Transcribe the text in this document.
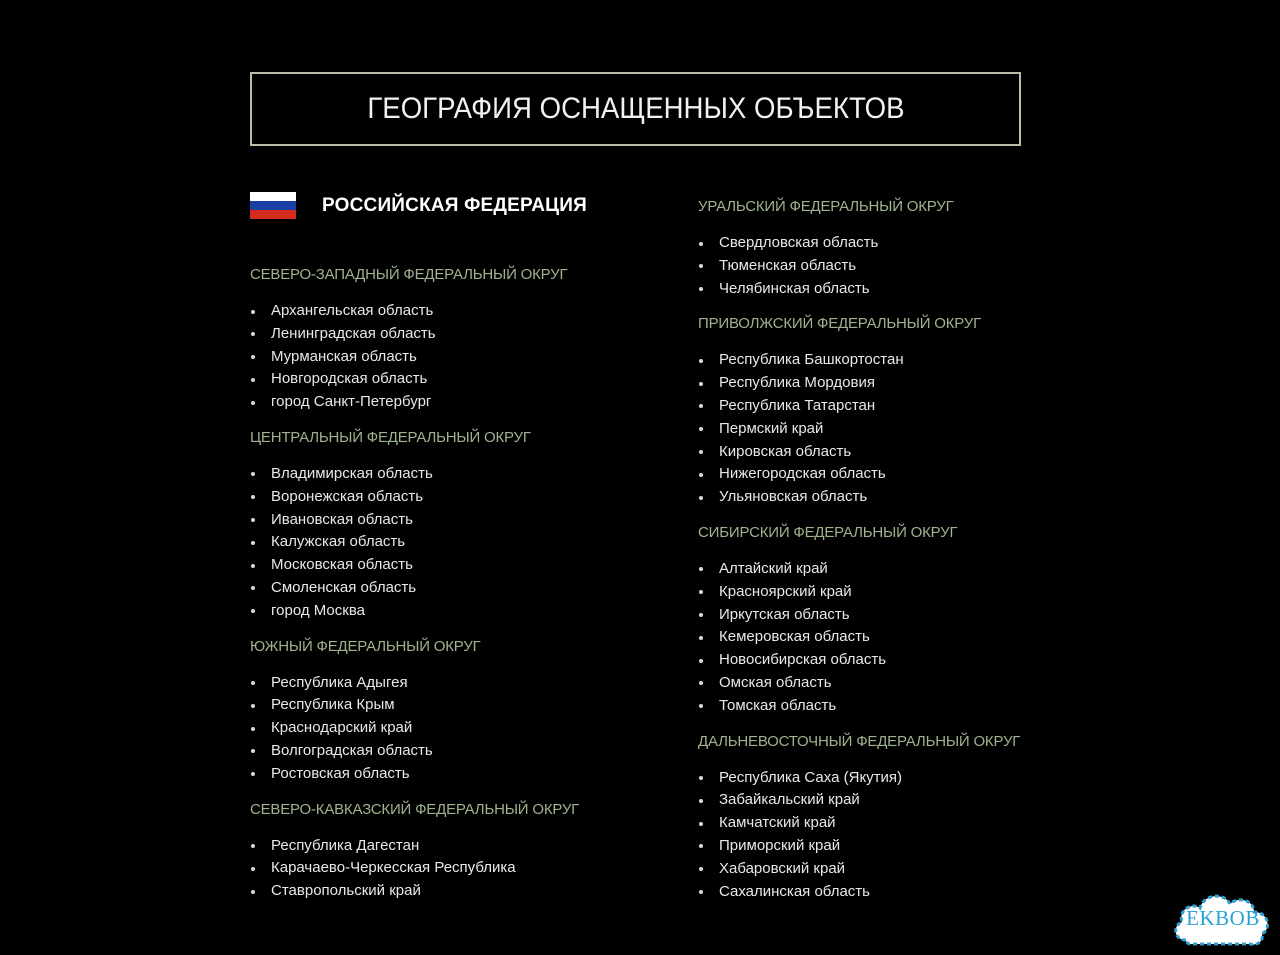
ГЕОГРАФИЯ ОСНАЩЕННЫХ ОБЪЕКТОВ
РОССИЙСКАЯ ФЕДЕРАЦИЯ
СЕВЕРО-ЗАПАДНЫЙ ФЕДЕРАЛЬНЫЙ ОКРУГ
Архангельская область
Ленинградская область
Мурманская область
Новгородская область
город Санкт-Петербург
ЦЕНТРАЛЬНЫЙ ФЕДЕРАЛЬНЫЙ ОКРУГ
Владимирская область
Воронежская область
Ивановская область
Калужская область
Московская область
Смоленская область
город Москва
ЮЖНЫЙ ФЕДЕРАЛЬНЫЙ ОКРУГ
Республика Адыгея
Республика Крым
Краснодарский край
Волгоградская область
Ростовская область
СЕВЕРО-КАВКАЗСКИЙ ФЕДЕРАЛЬНЫЙ ОКРУГ
Республика Дагестан
Карачаево-Черкесская Республика
Ставропольский край
УРАЛЬСКИЙ ФЕДЕРАЛЬНЫЙ ОКРУГ
Свердловская область
Тюменская область
Челябинская область
ПРИВОЛЖСКИЙ ФЕДЕРАЛЬНЫЙ ОКРУГ
Республика Башкортостан
Республика Мордовия
Республика Татарстан
Пермский край
Кировская область
Нижегородская область
Ульяновская область
СИБИРСКИЙ ФЕДЕРАЛЬНЫЙ ОКРУГ
Алтайский край
Красноярский край
Иркутская область
Кемеровская область
Новосибирская область
Омская область
Томская область
ДАЛЬНЕВОСТОЧНЫЙ ФЕДЕРАЛЬНЫЙ ОКРУГ
Республика Саха (Якутия)
Забайкальский край
Камчатский край
Приморский край
Хабаровский край
Сахалинская область
EKBOB
